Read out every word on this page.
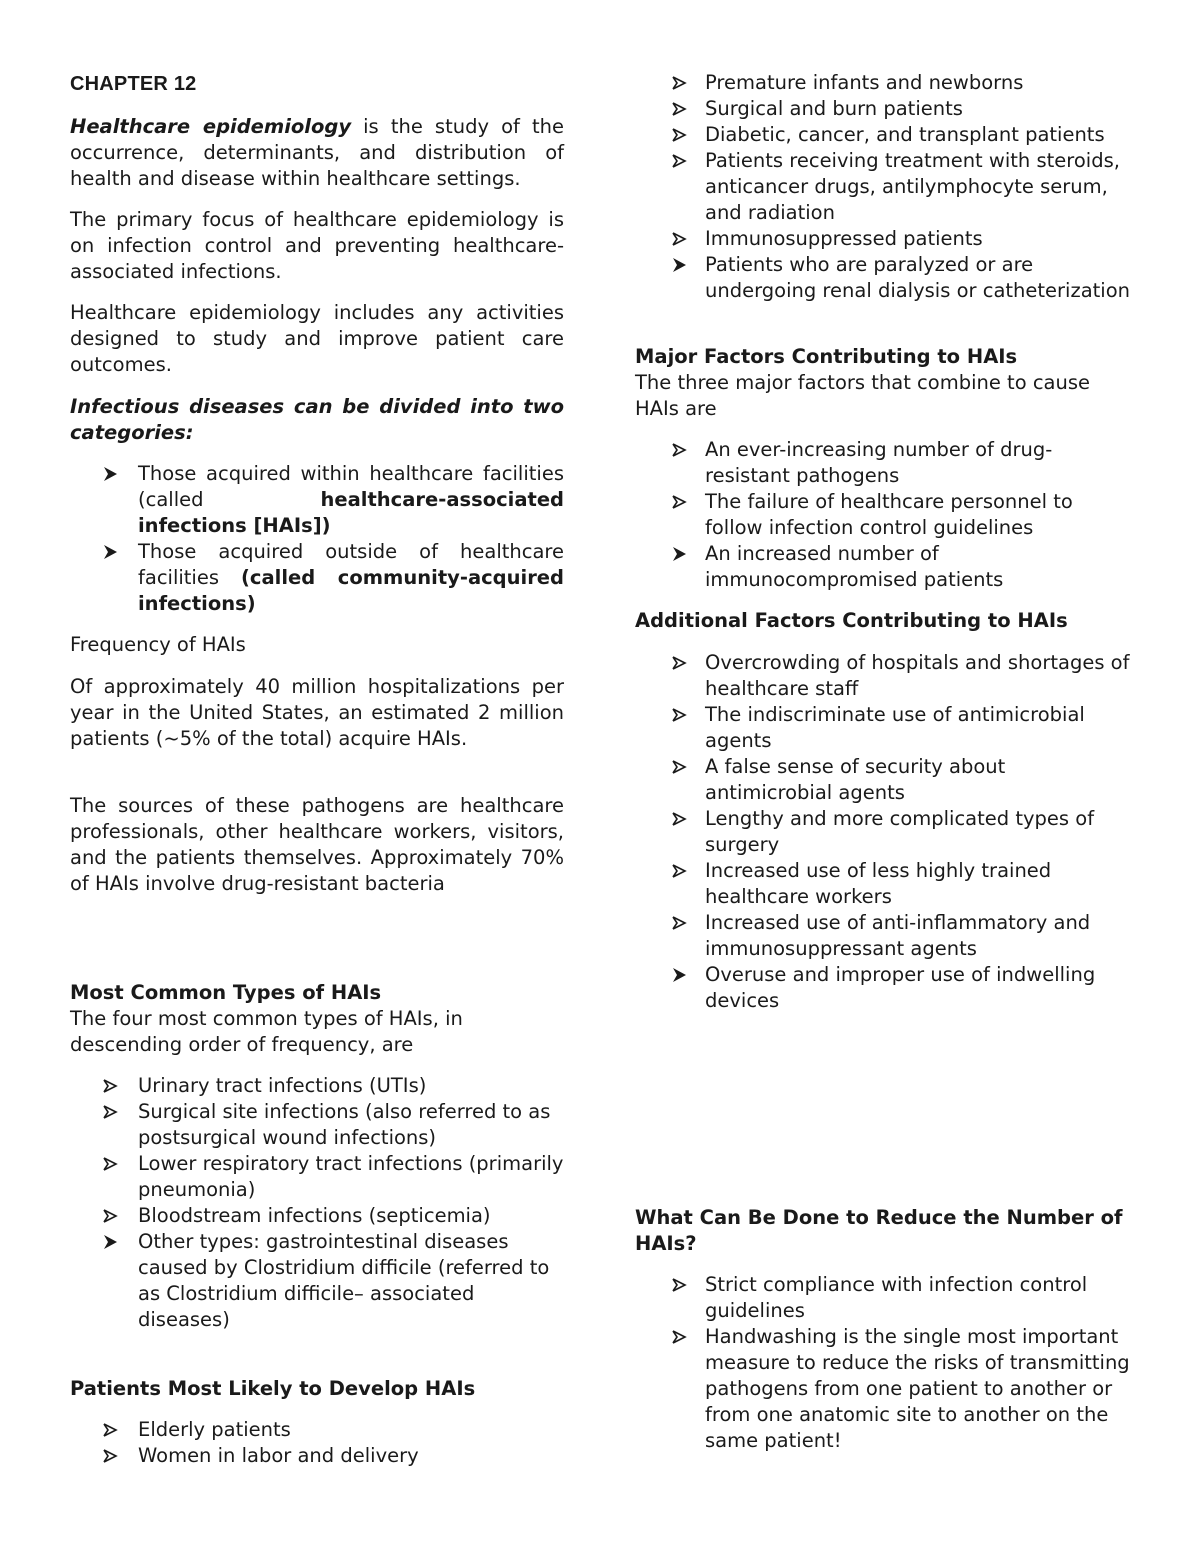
CHAPTER 12

Healthcare epidemiology is the study of the occurrence, determinants, and distribution of health and disease within healthcare settings.

The primary focus of healthcare epidemiology is on infection control and preventing healthcare-associated infections.

Healthcare epidemiology includes any activities designed to study and improve patient care outcomes.

Infectious diseases can be divided into two categories:

Those acquired within healthcare facilities (called healthcare-associated infections [HAIs])
Those acquired outside of healthcare facilities (called community-acquired infections)

Frequency of HAIs

Of approximately 40 million hospitalizations per year in the United States, an estimated 2 million patients (~5% of the total) acquire HAIs.

The sources of these pathogens are healthcare professionals, other healthcare workers, visitors, and the patients themselves. Approximately 70% of HAIs involve drug-resistant bacteria

Most Common Types of HAIs

The four most common types of HAIs, in descending order of frequency, are

Urinary tract infections (UTIs)
Surgical site infections (also referred to as postsurgical wound infections)
Lower respiratory tract infections (primarily pneumonia)
Bloodstream infections (septicemia)
Other types: gastrointestinal diseases caused by Clostridium difficile (referred to as Clostridium difficile– associated diseases)

Patients Most Likely to Develop HAIs

Elderly patients
Women in labor and delivery
Premature infants and newborns
Surgical and burn patients
Diabetic, cancer, and transplant patients
Patients receiving treatment with steroids, anticancer drugs, antilymphocyte serum, and radiation
Immunosuppressed patients
Patients who are paralyzed or are undergoing renal dialysis or catheterization

Major Factors Contributing to HAIs

The three major factors that combine to cause HAIs are

An ever-increasing number of drug-resistant pathogens
The failure of healthcare personnel to follow infection control guidelines
An increased number of immunocompromised patients

Additional Factors Contributing to HAIs

Overcrowding of hospitals and shortages of healthcare staff
The indiscriminate use of antimicrobial agents
A false sense of security about antimicrobial agents
Lengthy and more complicated types of surgery
Increased use of less highly trained healthcare workers
Increased use of anti-inflammatory and immunosuppressant agents
Overuse and improper use of indwelling devices

What Can Be Done to Reduce the Number of HAIs?

Strict compliance with infection control guidelines
Handwashing is the single most important measure to reduce the risks of transmitting pathogens from one patient to another or from one anatomic site to another on the same patient!
